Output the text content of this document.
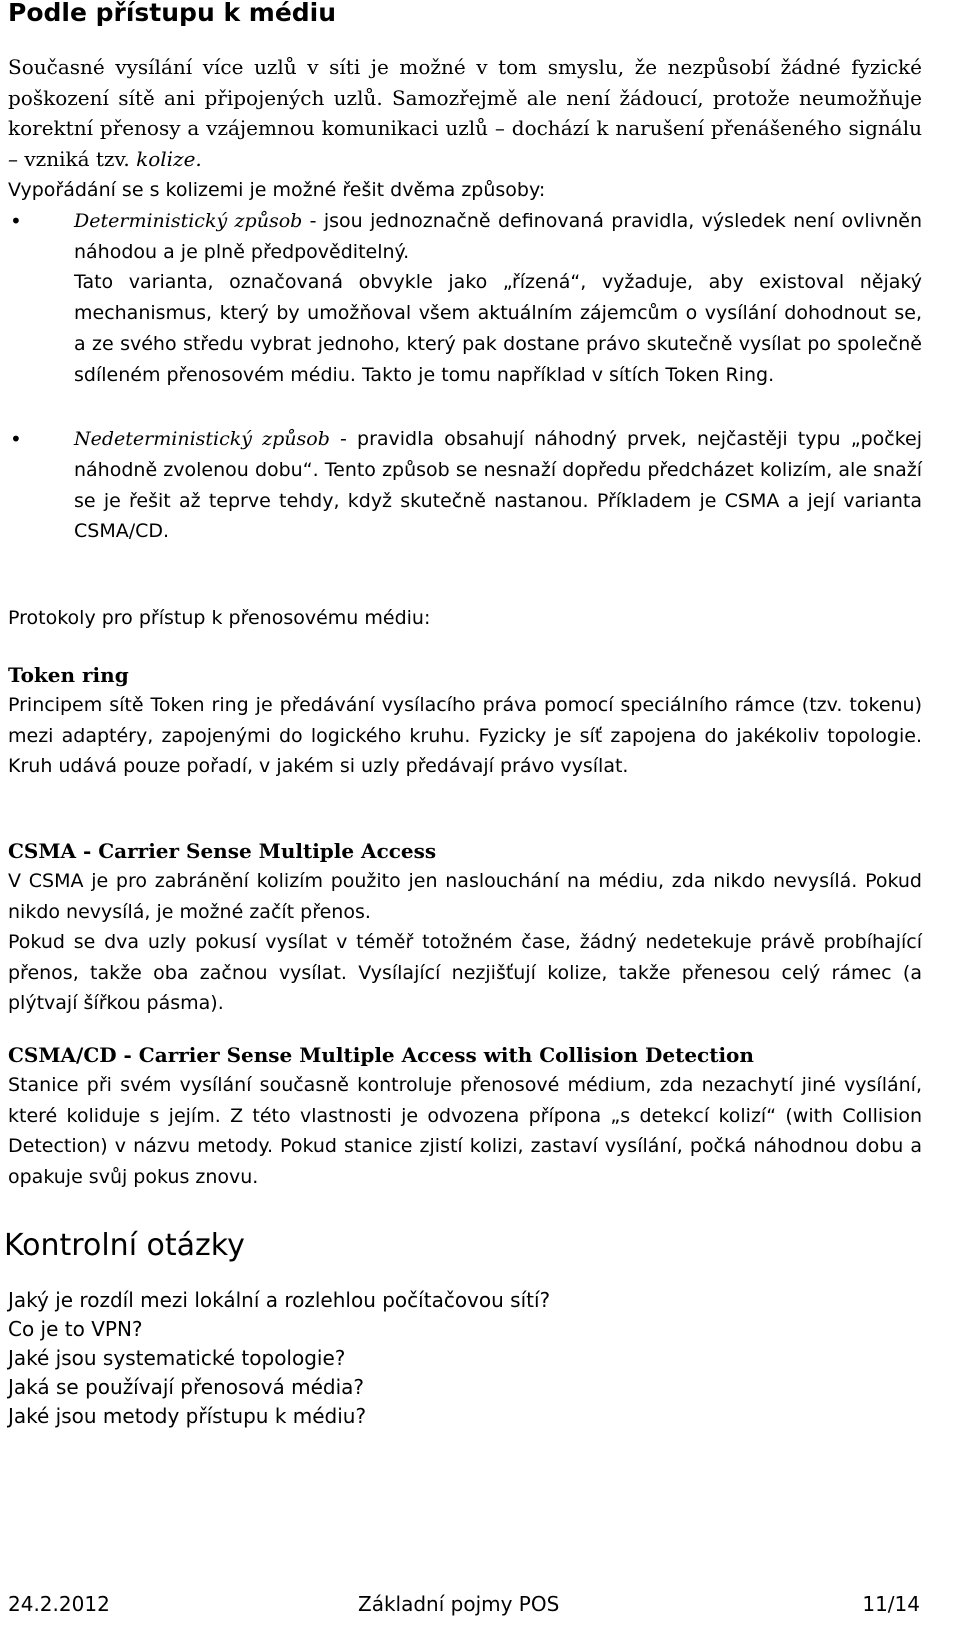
Podle přístupu k médiu

Současné vysílání více uzlů v síti je možné v tom smyslu, že nezpůsobí žádné fyzické poškození sítě ani připojených uzlů. Samozřejmě ale není žádoucí, protože neumožňuje korektní přenosy a vzájemnou komunikaci uzlů – dochází k narušení přenášeného signálu – vzniká tzv. kolize.

Vypořádání se s kolizemi je možné řešit dvěma způsoby:

•	Deterministický způsob - jsou jednoznačně definovaná pravidla, výsledek není ovlivněn náhodou a je plně předpověditelný.

Tato varianta, označovaná obvykle jako „řízená“, vyžaduje, aby existoval nějaký mechanismus, který by umožňoval všem aktuálním zájemcům o vysílání dohodnout se, a ze svého středu vybrat jednoho, který pak dostane právo skutečně vysílat po společně sdíleném přenosovém médiu. Takto je tomu například v sítích Token Ring.

•	Nedeterministický způsob - pravidla obsahují náhodný prvek, nejčastěji typu „počkej náhodně zvolenou dobu“. Tento způsob se nesnaží dopředu předcházet kolizím, ale snaží se je řešit až teprve tehdy, když skutečně nastanou. Příkladem je CSMA a její varianta CSMA/CD.

Protokoly pro přístup k přenosovému médiu:

Token ring

Principem sítě Token ring je předávání vysílacího práva pomocí speciálního rámce (tzv. tokenu) mezi adaptéry, zapojenými do logického kruhu. Fyzicky je síť zapojena do jakékoliv topologie. Kruh udává pouze pořadí, v jakém si uzly předávají právo vysílat.

CSMA - Carrier Sense Multiple Access

V CSMA je pro zabránění kolizím použito jen naslouchání na médiu, zda nikdo nevysílá. Pokud nikdo nevysílá, je možné začít přenos.

Pokud se dva uzly pokusí vysílat v téměř totožném čase, žádný nedetekuje právě probíhající přenos, takže oba začnou vysílat. Vysílající nezjišťují kolize, takže přenesou celý rámec (a plýtvají šířkou pásma).

CSMA/CD - Carrier Sense Multiple Access with Collision Detection

Stanice při svém vysílání současně kontroluje přenosové médium, zda nezachytí jiné vysílání, které koliduje s jejím. Z této vlastnosti je odvozena přípona „s detekcí kolizí“ (with Collision Detection) v názvu metody. Pokud stanice zjistí kolizi, zastaví vysílání, počká náhodnou dobu a opakuje svůj pokus znovu.

Kontrolní otázky
Jaký je rozdíl mezi lokální a rozlehlou počítačovou sítí?
Co je to VPN?
Jaké jsou systematické topologie?
Jaká se používají přenosová média?
Jaké jsou metody přístupu k médiu?
24.2.2012	Základní pojmy POS	11/14
